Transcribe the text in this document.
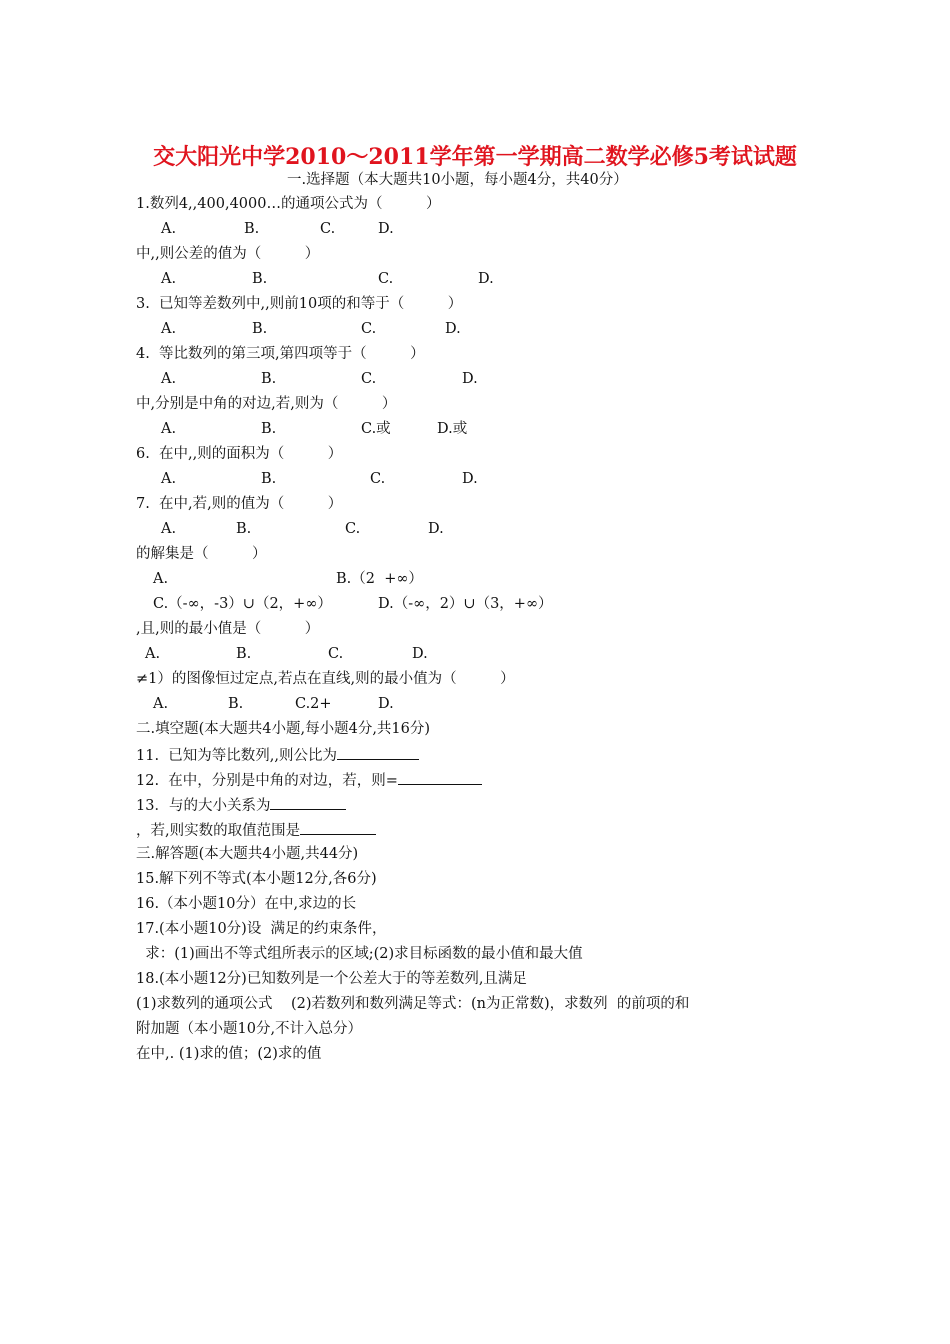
交大阳光中学2010～2011学年第一学期高二数学必修5考试试题
一.选择题（本大题共10小题，每小题4分，共40分）
1.数列4,,400,4000…的通项公式为（　　　）
A.	B.	C.	D.
中,,则公差的值为（　　　）
A.	B.	C.	D.
3.  已知等差数列中,,则前10项的和等于（　　　）
A.	B.	C.	D.
4.  等比数列的第三项,第四项等于（　　　）
A.	B.	C.	D.
中,分别是中角的对边,若,则为（　　　）
A.	B.	C.或	D.或
6.  在中,,则的面积为（　　　）
A.	B.	C.	D.
7.  在中,若,则的值为（　　　）
A.	B.	C.	D.
的解集是（　　　）
A.	B.（2  +∞）
C.（-∞，-3）∪（2，+∞）	D.（-∞，2）∪（3，+∞）
,且,则的最小值是（　　　）
A.	B.	C.	D.
≠1）的图像恒过定点,若点在直线,则的最小值为（　　　）
A.	B.	C.2+	D.
二.填空题(本大题共4小题,每小题4分,共16分)
11.  已知为等比数列,,则公比为
12.  在中，分别是中角的对边，若，则=
13．与的大小关系为
，若,则实数的取值范围是
三.解答题(本大题共4小题,共44分)
15.解下列不等式(本小题12分,各6分)
16.（本小题10分）在中,求边的长
17.(本小题10分)设  满足的约束条件，
求：(1)画出不等式组所表示的区域;(2)求目标函数的最小值和最大值
18.(本小题12分)已知数列是一个公差大于的等差数列,且满足
(1)求数列的通项公式    (2)若数列和数列满足等式：(n为正常数)，求数列  的前项的和
附加题（本小题10分,不计入总分）
在中,. (1)求的值；(2)求的值
